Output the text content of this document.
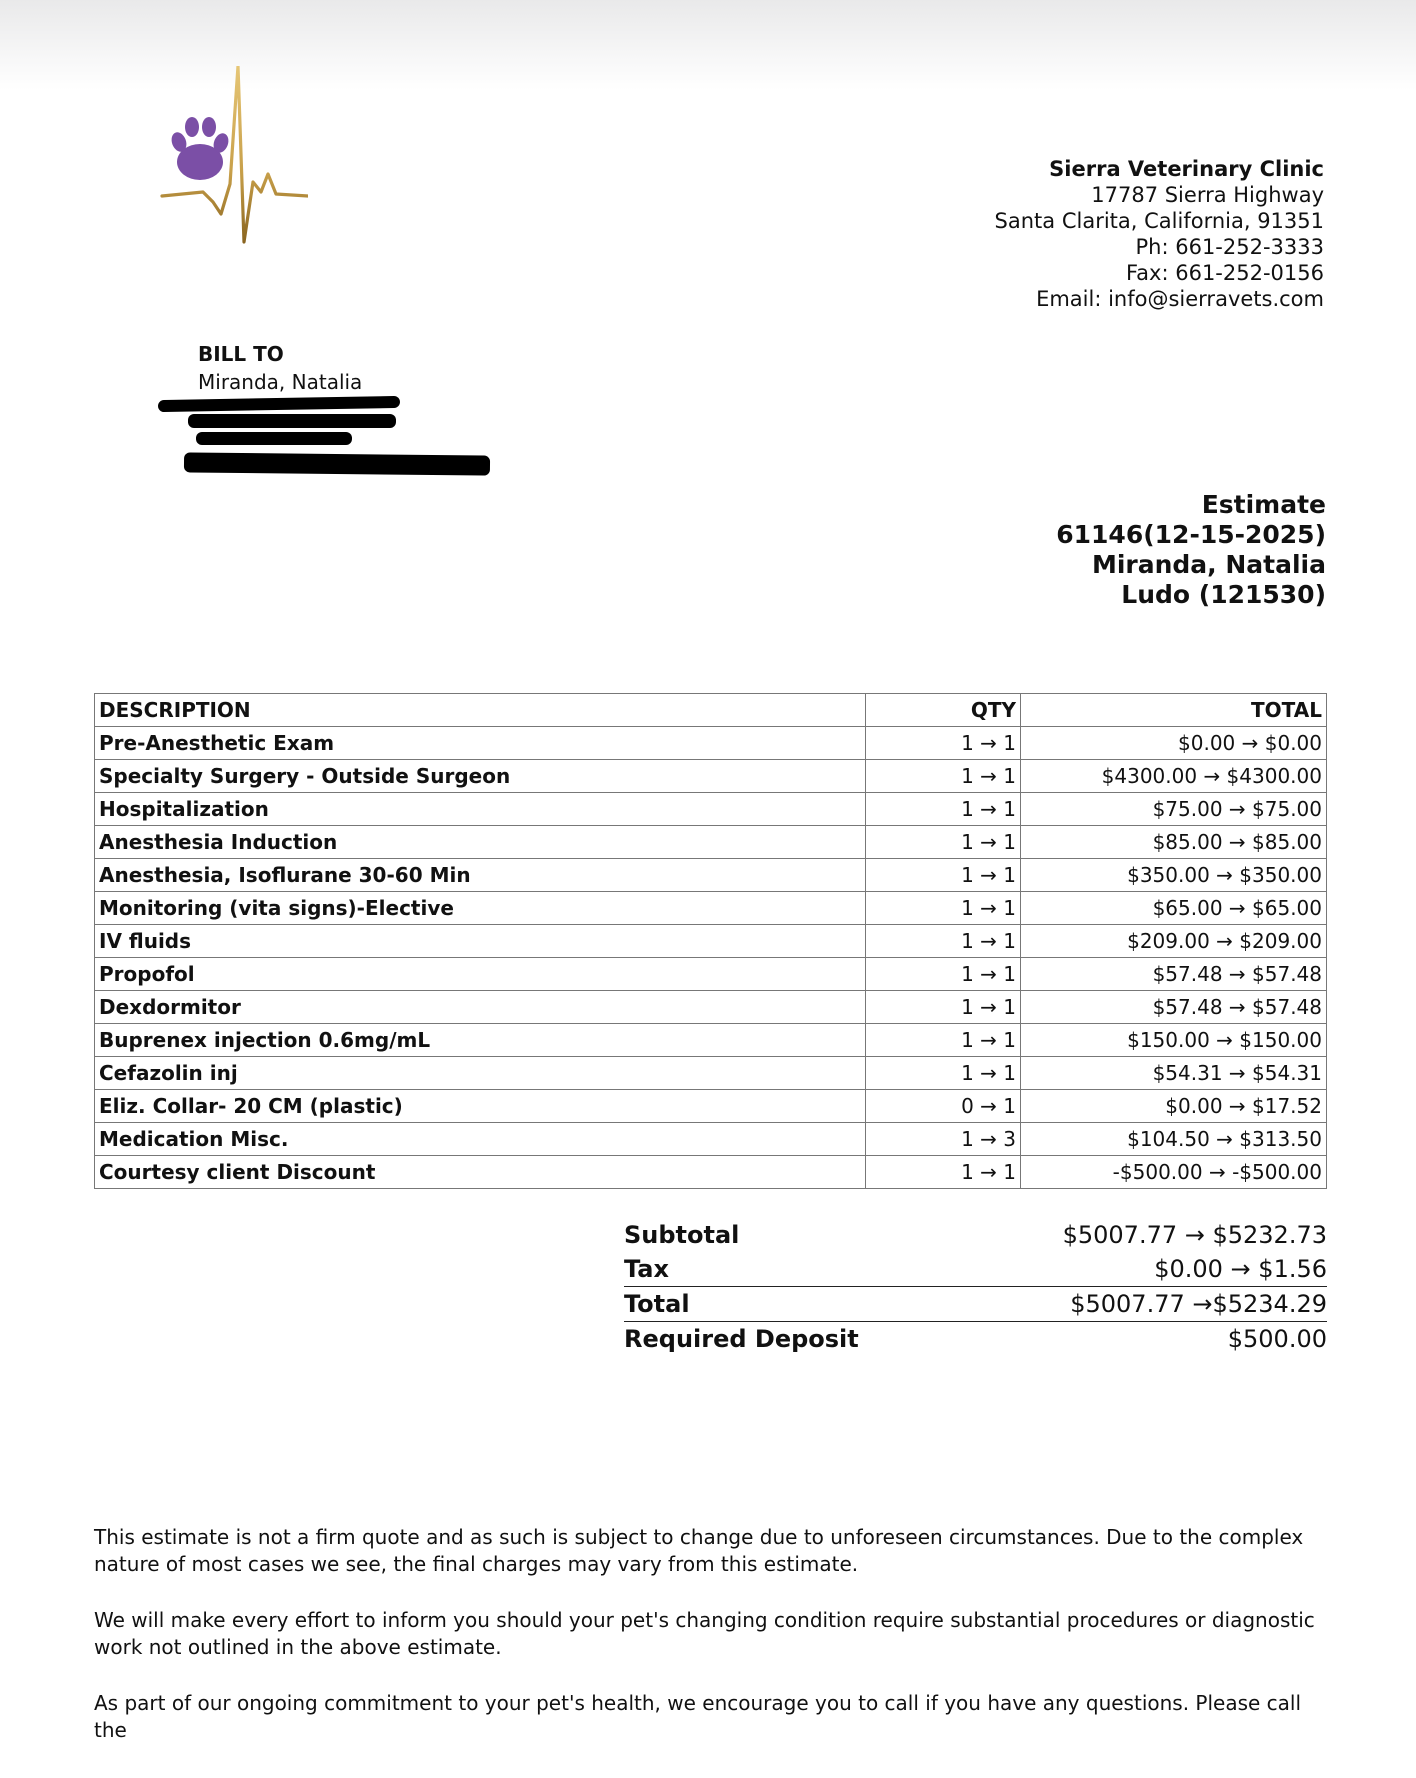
Sierra Veterinary Clinic
17787 Sierra Highway
Santa Clarita, California, 91351
Ph: 661-252-3333
Fax: 661-252-0156
Email: info@sierravets.com
BILL TO
Miranda, Natalia
Estimate
61146(12-15-2025)
Miranda, Natalia
Ludo (121530)
DESCRIPTION	QTY	TOTAL
Pre-Anesthetic Exam	1 → 1	$0.00 → $0.00
Specialty Surgery - Outside Surgeon	1 → 1	$4300.00 → $4300.00
Hospitalization	1 → 1	$75.00 → $75.00
Anesthesia Induction	1 → 1	$85.00 → $85.00
Anesthesia, Isoflurane 30-60 Min	1 → 1	$350.00 → $350.00
Monitoring (vita signs)-Elective	1 → 1	$65.00 → $65.00
IV fluids	1 → 1	$209.00 → $209.00
Propofol	1 → 1	$57.48 → $57.48
Dexdormitor	1 → 1	$57.48 → $57.48
Buprenex injection 0.6mg/mL	1 → 1	$150.00 → $150.00
Cefazolin inj	1 → 1	$54.31 → $54.31
Eliz. Collar- 20 CM (plastic)	0 → 1	$0.00 → $17.52
Medication Misc.	1 → 3	$104.50 → $313.50
Courtesy client Discount	1 → 1	-$500.00 → -$500.00
Subtotal	$5007.77 → $5232.73
Tax	$0.00 → $1.56
Total	$5007.77 →$5234.29
Required Deposit	$500.00

This estimate is not a firm quote and as such is subject to change due to unforeseen circumstances. Due to the complex nature of most cases we see, the final charges may vary from this estimate.

We will make every effort to inform you should your pet's changing condition require substantial procedures or diagnostic work not outlined in the above estimate.

As part of our ongoing commitment to your pet's health, we encourage you to call if you have any questions. Please call the
